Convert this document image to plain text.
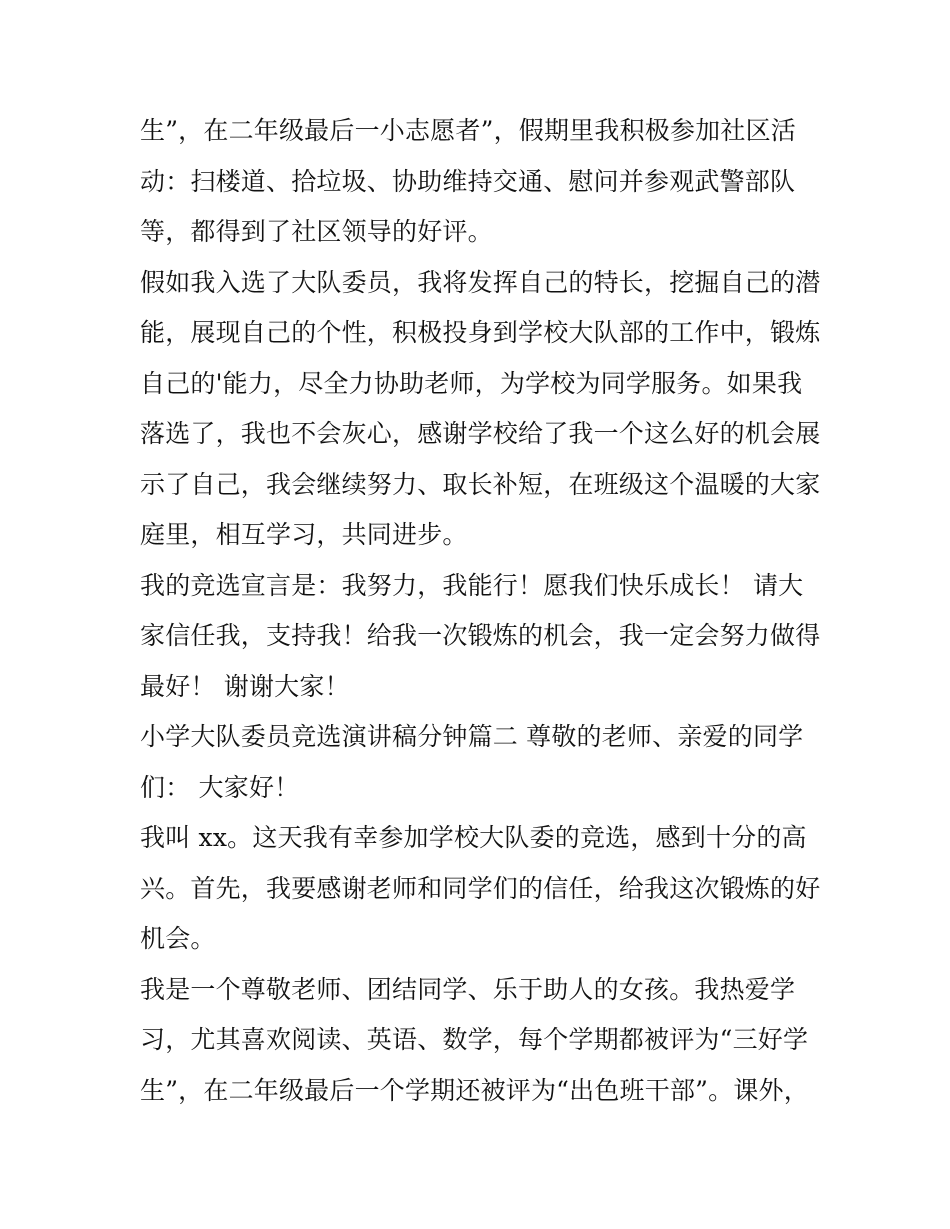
生”，在二年级最后一小志愿者”，假期里我积极参加社区活
动：扫楼道、拾垃圾、协助维持交通、慰问并参观武警部队
等，都得到了社区领导的好评。
假如我入选了大队委员，我将发挥自己的特长，挖掘自己的潜
能，展现自己的个性，积极投身到学校大队部的工作中，锻炼
自己的'能力，尽全力协助老师，为学校为同学服务。如果我
落选了，我也不会灰心，感谢学校给了我一个这么好的机会展
示了自己，我会继续努力、取长补短，在班级这个温暖的大家
庭里，相互学习，共同进步。
我的竞选宣言是：我努力，我能行！愿我们快乐成长！ 请大
家信任我，支持我！给我一次锻炼的机会，我一定会努力做得
最好！ 谢谢大家！
小学大队委员竞选演讲稿分钟篇二 尊敬的老师、亲爱的同学
们： 大家好！
我叫 xx。这天我有幸参加学校大队委的竞选，感到十分的高
兴。首先，我要感谢老师和同学们的信任，给我这次锻炼的好
机会。
我是一个尊敬老师、团结同学、乐于助人的女孩。我热爱学
习，尤其喜欢阅读、英语、数学，每个学期都被评为“三好学
生”，在二年级最后一个学期还被评为“出色班干部”。课外，
